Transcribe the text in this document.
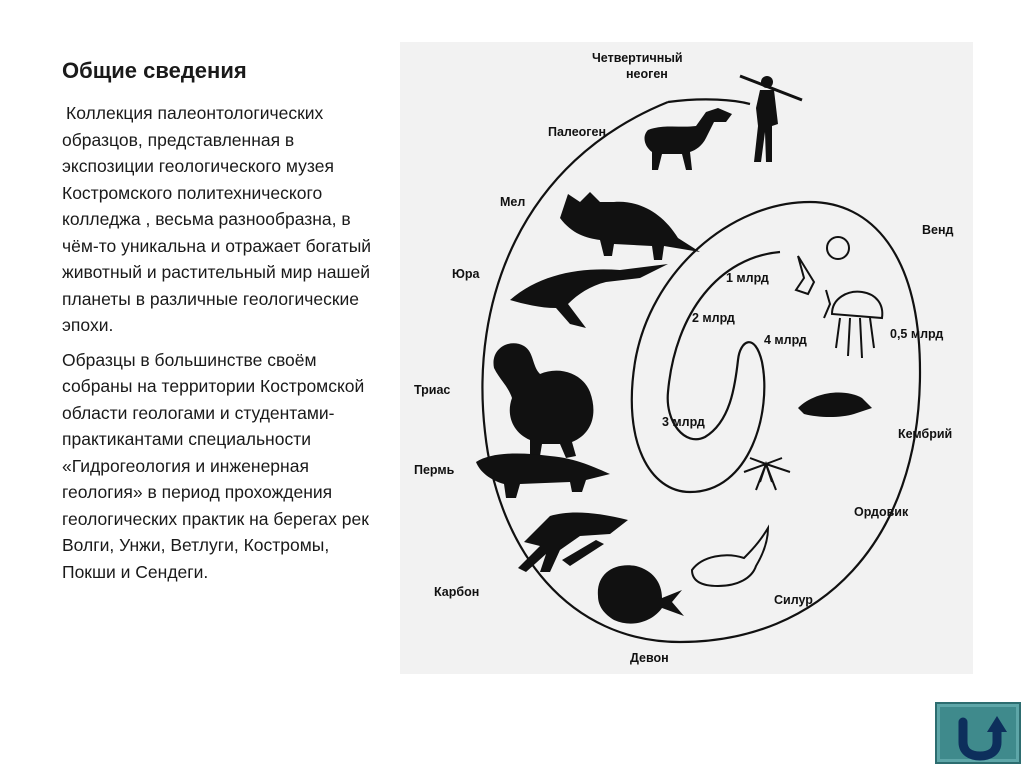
Общие сведения

Коллекция палеонтологических образцов, представленная в экспозиции геологического музея Костромского политехнического колледжа , весьма разнообразна, в чём-то уникальна и отражает богатый животный и растительный мир нашей планеты в различные геологические эпохи.

Образцы в большинстве своём собраны на территории Костромской области геологами и студентами-практикантами специальности «Гидрогеология и инженерная геология» в период прохождения геологических практик на берегах рек Волги, Унжи, Ветлуги, Костромы, Покши и Сендеги.

Четвертичный
неоген
Палеоген
Мел
Юра
Триас
Пермь
Карбон
Девон
Силур
Ордовик
Кембрий
Венд
0,5 млрд
1 млрд
2 млрд
3 млрд
4 млрд
